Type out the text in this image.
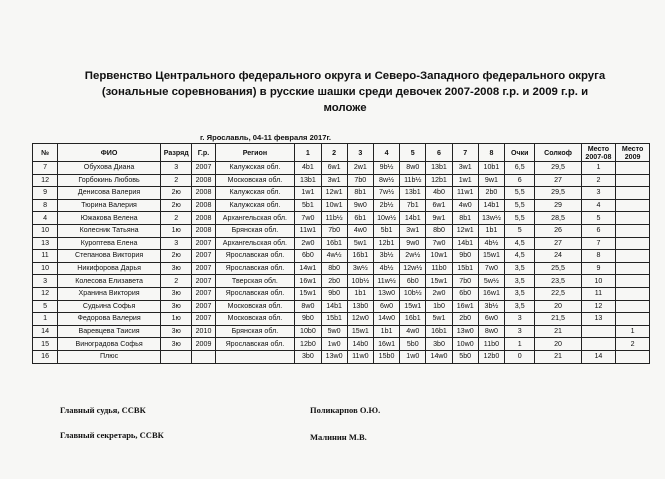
Первенство Центрального федерального округа и Северо-Западного федерального округа
(зональные соревнования) в русские шашки среди девочек 2007-2008 г.р. и 2009 г.р. и
моложе
г. Ярославль, 04-11 февраля 2017г.
№	ФИО	Разряд	Г.р.	Регион	1	2	3	4	5	6	7	8	Очки	Солкоф	Место 2007-08	Место 2009
7	Обухова Диана	3	2007	Калужская обл.	4b1	6w1	2w1	9b½	8w0	13b1	3w1	10b1	6,5	29,5	1	
12	Горбокинь Любовь	2	2008	Московская обл.	13b1	3w1	7b0	8w½	11b½	12b1	1w1	9w1	6	27	2	
9	Денисова Валерия	2ю	2008	Калужская обл.	1w1	12w1	8b1	7w½	13b1	4b0	11w1	2b0	5,5	29,5	3	
8	Тюрина Валерия	2ю	2008	Калужская обл.	5b1	10w1	9w0	2b½	7b1	6w1	4w0	14b1	5,5	29	4	
4	Южакова Велена	2	2008	Архангельская обл.	7w0	11b½	6b1	10w½	14b1	9w1	8b1	13w½	5,5	28,5	5	
10	Колесник Татьяна	1ю	2008	Брянская обл.	11w1	7b0	4w0	5b1	3w1	8b0	12w1	1b1	5	26	6	
13	Куроптева Елена	3	2007	Архангельская обл.	2w0	16b1	5w1	12b1	9w0	7w0	14b1	4b½	4,5	27	7	
11	Степанова Виктория	2ю	2007	Ярославская обл.	6b0	4w½	16b1	3b½	2w½	10w1	9b0	15w1	4,5	24	8	
10	Никифорова Дарья	3ю	2007	Ярославская обл.	14w1	8b0	3w½	4b½	12w½	11b0	15b1	7w0	3,5	25,5	9	
3	Колесова Елизавета	2	2007	Тверская обл.	16w1	2b0	10b½	11w½	6b0	15w1	7b0	5w½	3,5	23,5	10	
12	Хранина Виктория	3ю	2007	Ярославская обл.	15w1	9b0	1b1	13w0	10b½	2w0	6b0	16w1	3,5	22,5	11	
5	Судьина Софья	3ю	2007	Московская обл.	8w0	14b1	13b0	6w0	15w1	1b0	16w1	3b½	3,5	20	12	
1	Федорова Валерия	1ю	2007	Московская обл.	9b0	15b1	12w0	14w0	16b1	5w1	2b0	6w0	3	21,5	13	
14	Варевцева Таисия	3ю	2010	Брянская обл.	10b0	5w0	15w1	1b1	4w0	16b1	13w0	8w0	3	21		1
15	Виноградова Софья	3ю	2009	Ярославская обл.	12b0	1w0	14b0	16w1	5b0	3b0	10w0	11b0	1	20		2
16	Плюс				3b0	13w0	11w0	15b0	1w0	14w0	5b0	12b0	0	21	14	
Главный судья, ССВК	Поликарпов О.Ю.
Главный секретарь, ССВК	Малинин М.В.
